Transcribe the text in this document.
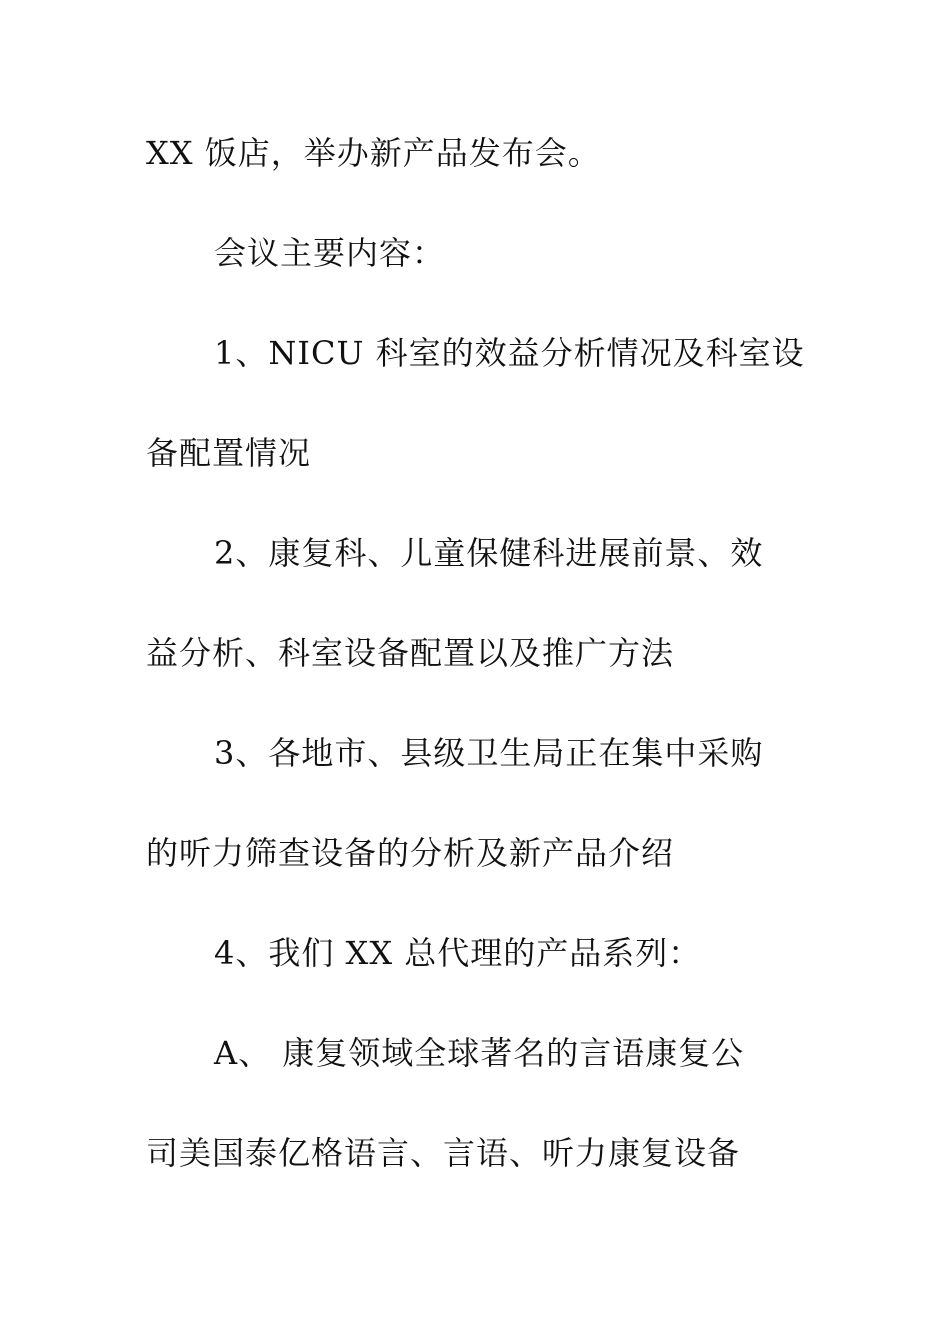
XX 饭店，举办新产品发布会。
会议主要内容：
1、NICU 科室的效益分析情况及科室设
备配置情况
2、康复科、儿童保健科进展前景、效
益分析、科室设备配置以及推广方法
3、各地市、县级卫生局正在集中采购
的听力筛查设备的分析及新产品介绍
4、我们 XX 总代理的产品系列：
A、 康复领域全球著名的言语康复公
司美国泰亿格语言、言语、听力康复设备
